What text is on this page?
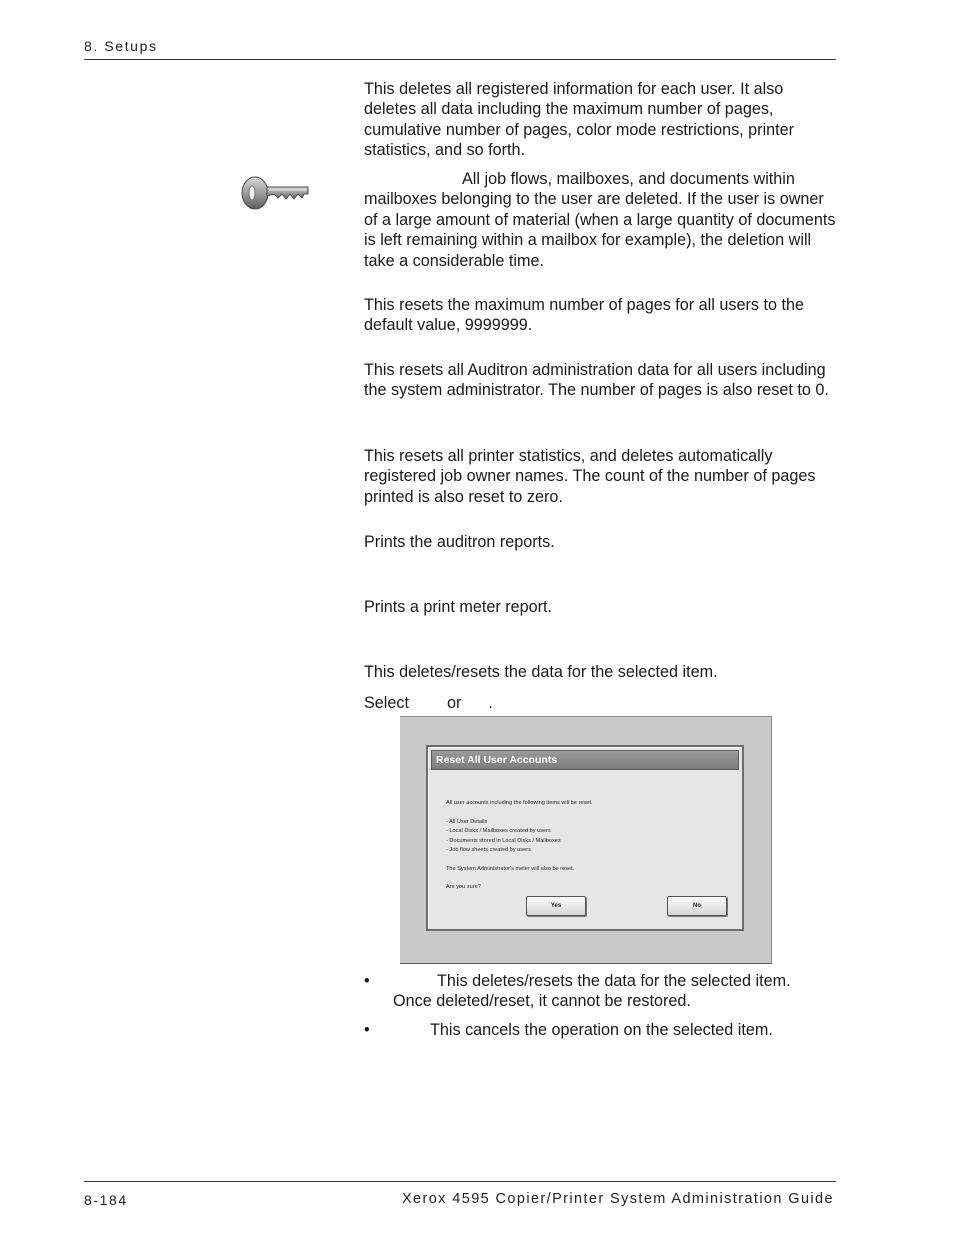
8. Setups

This deletes all registered information for each user. It also deletes all data including the maximum number of pages, cumulative number of pages, color mode restrictions, printer statistics, and so forth.

All job flows, mailboxes, and documents within mailboxes belonging to the user are deleted. If the user is owner of a large amount of material (when a large quantity of documents is left remaining within a mailbox for example), the deletion will take a considerable time.

This resets the maximum number of pages for all users to the default value, 9999999.

This resets all Auditron administration data for all users including the system administrator. The number of pages is also reset to 0.

This resets all printer statistics, and deletes automatically registered job owner names. The count of the number of pages printed is also reset to zero.

Prints the auditron reports.

Prints a print meter report.

This deletes/resets the data for the selected item.

Select or .

Reset All User Accounts
All user accounts including the following items will be reset.
- All User Details
- Local Disks / Mailboxes created by users
- Documents stored in Local Disks / Mailboxes
- Job flow sheets created by users
The System Administrator's meter will also be reset.
Are you sure?
Yes	No
•	This deletes/resets the data for the selected item. Once deleted/reset, it cannot be restored.
•	This cancels the operation on the selected item.
8-184	Xerox 4595 Copier/Printer System Administration Guide
